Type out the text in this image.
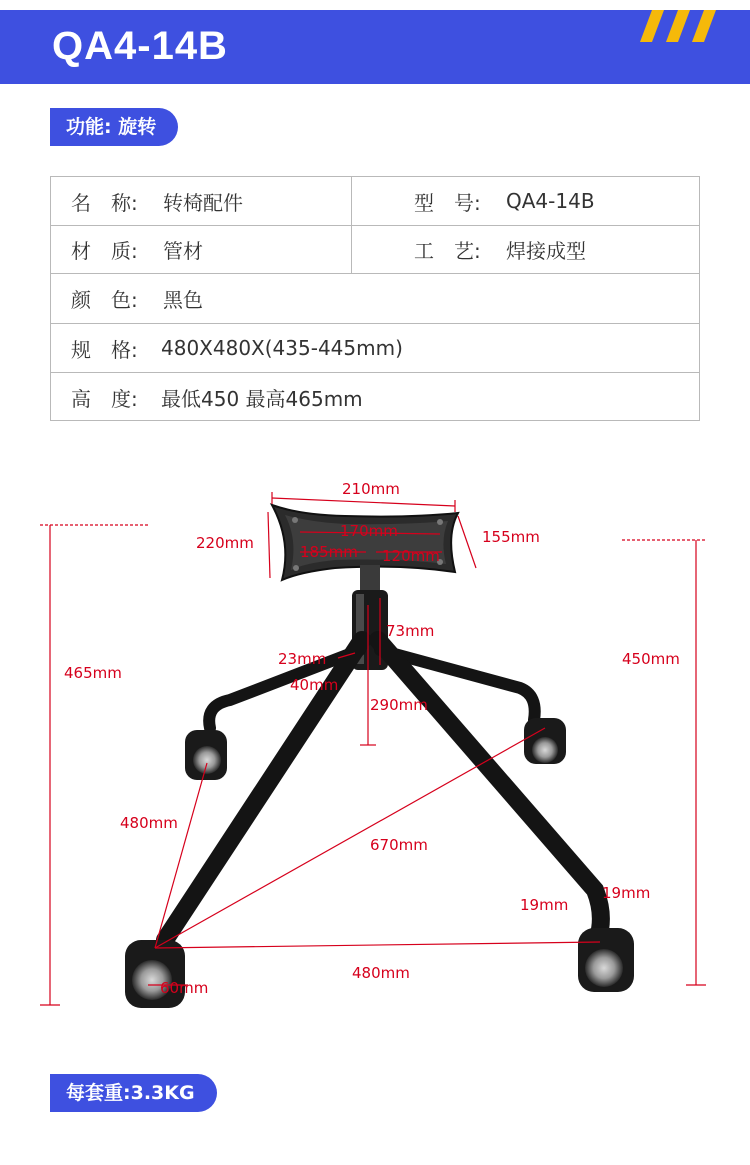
QA4-14B
功能: 旋转
名　称: 转椅配件	型　号: QA4-14B
材　质: 管材	工　艺: 焊接成型
颜　色: 黑色
规　格: 480X480X(435-445mm)
高　度: 最低450 最高465mm
210mm
220mm
170mm
185mm 120mm
155mm
465mm
450mm
73mm
23mm
40mm
290mm
480mm
670mm
19mm
19mm
480mm
60mm
每套重:3.3KG
